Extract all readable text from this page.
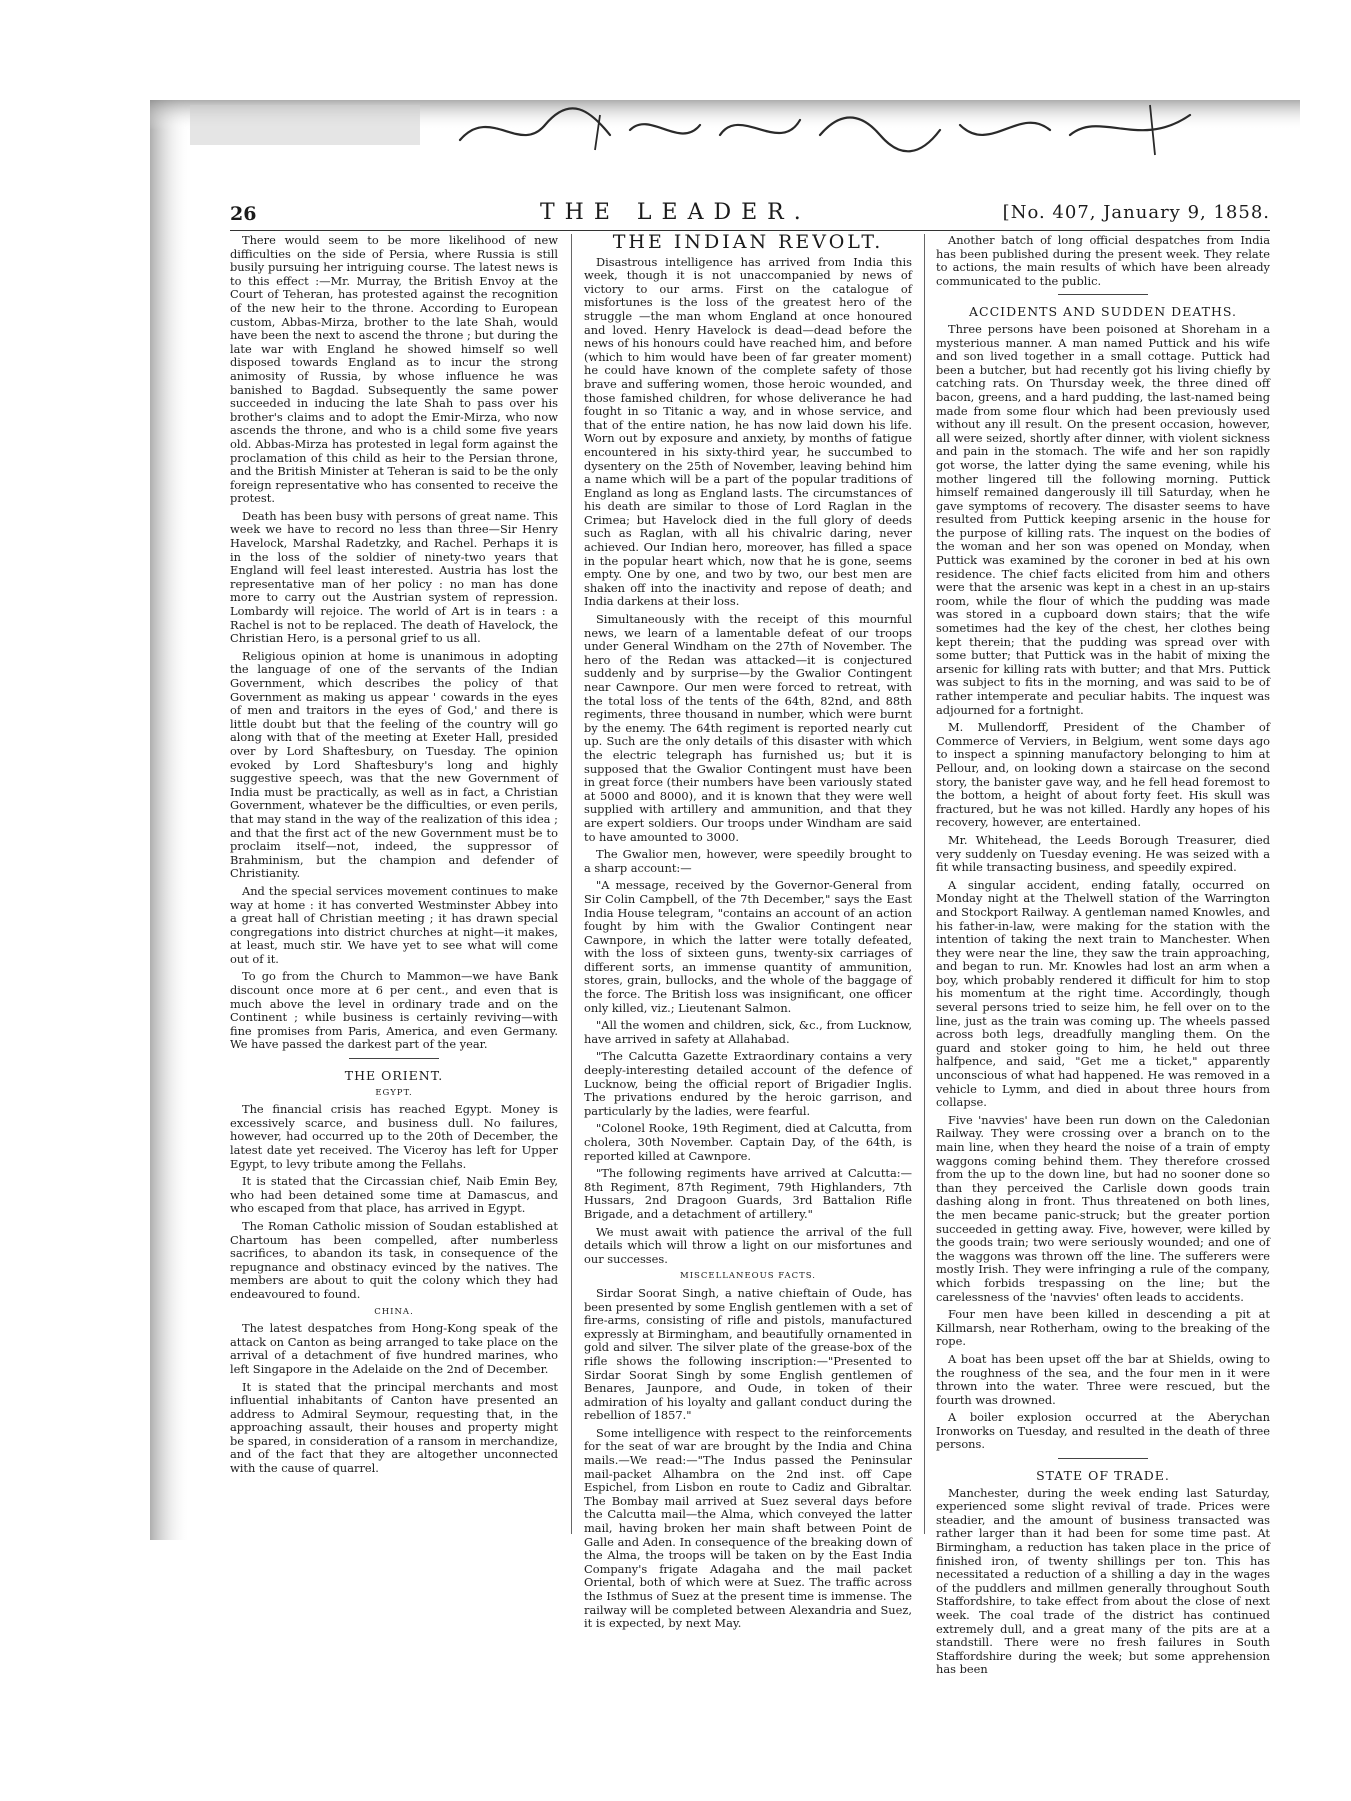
26	THE LEADER.	[No. 407, January 9, 1858.

There would seem to be more likelihood of new difficulties on the side of Persia, where Russia is still busily pursuing her intriguing course. The latest news is to this effect :—Mr. Murray, the British Envoy at the Court of Teheran, has protested against the recognition of the new heir to the throne. According to European custom, Abbas-Mirza, brother to the late Shah, would have been the next to ascend the throne ; but during the late war with England he showed himself so well disposed towards England as to incur the strong animosity of Russia, by whose influence he was banished to Bagdad. Subsequently the same power succeeded in inducing the late Shah to pass over his brother's claims and to adopt the Emir-Mirza, who now ascends the throne, and who is a child some five years old. Abbas-Mirza has protested in legal form against the proclamation of this child as heir to the Persian throne, and the British Minister at Teheran is said to be the only foreign representative who has consented to receive the protest.

Death has been busy with persons of great name. This week we have to record no less than three—Sir Henry Havelock, Marshal Radetzky, and Rachel. Perhaps it is in the loss of the soldier of ninety-two years that England will feel least interested. Austria has lost the representative man of her policy : no man has done more to carry out the Austrian system of repression. Lombardy will rejoice. The world of Art is in tears : a Rachel is not to be replaced. The death of Havelock, the Christian Hero, is a personal grief to us all.

Religious opinion at home is unanimous in adopting the language of one of the servants of the Indian Government, which describes the policy of that Government as making us appear ' cowards in the eyes of men and traitors in the eyes of God,' and there is little doubt but that the feeling of the country will go along with that of the meeting at Exeter Hall, presided over by Lord Shaftesbury, on Tuesday. The opinion evoked by Lord Shaftesbury's long and highly suggestive speech, was that the new Government of India must be practically, as well as in fact, a Christian Government, whatever be the difficulties, or even perils, that may stand in the way of the realization of this idea ; and that the first act of the new Government must be to proclaim itself—not, indeed, the suppressor of Brahminism, but the champion and defender of Christianity.

And the special services movement continues to make way at home : it has converted Westminster Abbey into a great hall of Christian meeting ; it has drawn special congregations into district churches at night—it makes, at least, much stir. We have yet to see what will come out of it.

To go from the Church to Mammon—we have Bank discount once more at 6 per cent., and even that is much above the level in ordinary trade and on the Continent ; while business is certainly reviving—with fine promises from Paris, America, and even Germany. We have passed the darkest part of the year.

THE ORIENT.
EGYPT.

The financial crisis has reached Egypt. Money is excessively scarce, and business dull. No failures, however, had occurred up to the 20th of December, the latest date yet received. The Viceroy has left for Upper Egypt, to levy tribute among the Fellahs.

It is stated that the Circassian chief, Naib Emin Bey, who had been detained some time at Damascus, and who escaped from that place, has arrived in Egypt.

The Roman Catholic mission of Soudan established at Chartoum has been compelled, after numberless sacrifices, to abandon its task, in consequence of the repugnance and obstinacy evinced by the natives. The members are about to quit the colony which they had endeavoured to found.

CHINA.

The latest despatches from Hong-Kong speak of the attack on Canton as being arranged to take place on the arrival of a detachment of five hundred marines, who left Singapore in the Adelaide on the 2nd of December.

It is stated that the principal merchants and most influential inhabitants of Canton have presented an address to Admiral Seymour, requesting that, in the approaching assault, their houses and property might be spared, in consideration of a ransom in merchandize, and of the fact that they are altogether unconnected with the cause of quarrel.

THE INDIAN REVOLT.

Disastrous intelligence has arrived from India this week, though it is not unaccompanied by news of victory to our arms. First on the catalogue of misfortunes is the loss of the greatest hero of the struggle —the man whom England at once honoured and loved. Henry Havelock is dead—dead before the news of his honours could have reached him, and before (which to him would have been of far greater moment) he could have known of the complete safety of those brave and suffering women, those heroic wounded, and those famished children, for whose deliverance he had fought in so Titanic a way, and in whose service, and that of the entire nation, he has now laid down his life. Worn out by exposure and anxiety, by months of fatigue encountered in his sixty-third year, he succumbed to dysentery on the 25th of November, leaving behind him a name which will be a part of the popular traditions of England as long as England lasts. The circumstances of his death are similar to those of Lord Raglan in the Crimea; but Havelock died in the full glory of deeds such as Raglan, with all his chivalric daring, never achieved. Our Indian hero, moreover, has filled a space in the popular heart which, now that he is gone, seems empty. One by one, and two by two, our best men are shaken off into the inactivity and repose of death; and India darkens at their loss.

Simultaneously with the receipt of this mournful news, we learn of a lamentable defeat of our troops under General Windham on the 27th of November. The hero of the Redan was attacked—it is conjectured suddenly and by surprise—by the Gwalior Contingent near Cawnpore. Our men were forced to retreat, with the total loss of the tents of the 64th, 82nd, and 88th regiments, three thousand in number, which were burnt by the enemy. The 64th regiment is reported nearly cut up. Such are the only details of this disaster with which the electric telegraph has furnished us; but it is supposed that the Gwalior Contingent must have been in great force (their numbers have been variously stated at 5000 and 8000), and it is known that they were well supplied with artillery and ammunition, and that they are expert soldiers. Our troops under Windham are said to have amounted to 3000.

The Gwalior men, however, were speedily brought to a sharp account:—

"A message, received by the Governor-General from Sir Colin Campbell, of the 7th December," says the East India House telegram, "contains an account of an action fought by him with the Gwalior Contingent near Cawnpore, in which the latter were totally defeated, with the loss of sixteen guns, twenty-six carriages of different sorts, an immense quantity of ammunition, stores, grain, bullocks, and the whole of the baggage of the force. The British loss was insignificant, one officer only killed, viz.; Lieutenant Salmon.

"All the women and children, sick, &c., from Lucknow, have arrived in safety at Allahabad.

"The Calcutta Gazette Extraordinary contains a very deeply-interesting detailed account of the defence of Lucknow, being the official report of Brigadier Inglis. The privations endured by the heroic garrison, and particularly by the ladies, were fearful.

"Colonel Rooke, 19th Regiment, died at Calcutta, from cholera, 30th November. Captain Day, of the 64th, is reported killed at Cawnpore.

"The following regiments have arrived at Calcutta:—8th Regiment, 87th Regiment, 79th Highlanders, 7th Hussars, 2nd Dragoon Guards, 3rd Battalion Rifle Brigade, and a detachment of artillery."

We must await with patience the arrival of the full details which will throw a light on our misfortunes and our successes.

MISCELLANEOUS FACTS.

Sirdar Soorat Singh, a native chieftain of Oude, has been presented by some English gentlemen with a set of fire-arms, consisting of rifle and pistols, manufactured expressly at Birmingham, and beautifully ornamented in gold and silver. The silver plate of the grease-box of the rifle shows the following inscription:—"Presented to Sirdar Soorat Singh by some English gentlemen of Benares, Jaunpore, and Oude, in token of their admiration of his loyalty and gallant conduct during the rebellion of 1857."

Some intelligence with respect to the reinforcements for the seat of war are brought by the India and China mails.—We read:—"The Indus passed the Peninsular mail-packet Alhambra on the 2nd inst. off Cape Espichel, from Lisbon en route to Cadiz and Gibraltar. The Bombay mail arrived at Suez several days before the Calcutta mail—the Alma, which conveyed the latter mail, having broken her main shaft between Point de Galle and Aden. In consequence of the breaking down of the Alma, the troops will be taken on by the East India Company's frigate Adagaha and the mail packet Oriental, both of which were at Suez. The traffic across the Isthmus of Suez at the present time is immense. The railway will be completed between Alexandria and Suez, it is expected, by next May.

Another batch of long official despatches from India has been published during the present week. They relate to actions, the main results of which have been already communicated to the public.

ACCIDENTS AND SUDDEN DEATHS.

Three persons have been poisoned at Shoreham in a mysterious manner. A man named Puttick and his wife and son lived together in a small cottage. Puttick had been a butcher, but had recently got his living chiefly by catching rats. On Thursday week, the three dined off bacon, greens, and a hard pudding, the last-named being made from some flour which had been previously used without any ill result. On the present occasion, however, all were seized, shortly after dinner, with violent sickness and pain in the stomach. The wife and her son rapidly got worse, the latter dying the same evening, while his mother lingered till the following morning. Puttick himself remained dangerously ill till Saturday, when he gave symptoms of recovery. The disaster seems to have resulted from Puttick keeping arsenic in the house for the purpose of killing rats. The inquest on the bodies of the woman and her son was opened on Monday, when Puttick was examined by the coroner in bed at his own residence. The chief facts elicited from him and others were that the arsenic was kept in a chest in an up-stairs room, while the flour of which the pudding was made was stored in a cupboard down stairs; that the wife sometimes had the key of the chest, her clothes being kept therein; that the pudding was spread over with some butter; that Puttick was in the habit of mixing the arsenic for killing rats with butter; and that Mrs. Puttick was subject to fits in the morning, and was said to be of rather intemperate and peculiar habits. The inquest was adjourned for a fortnight.

M. Mullendorff, President of the Chamber of Commerce of Verviers, in Belgium, went some days ago to inspect a spinning manufactory belonging to him at Pellour, and, on looking down a staircase on the second story, the banister gave way, and he fell head foremost to the bottom, a height of about forty feet. His skull was fractured, but he was not killed. Hardly any hopes of his recovery, however, are entertained.

Mr. Whitehead, the Leeds Borough Treasurer, died very suddenly on Tuesday evening. He was seized with a fit while transacting business, and speedily expired.

A singular accident, ending fatally, occurred on Monday night at the Thelwell station of the Warrington and Stockport Railway. A gentleman named Knowles, and his father-in-law, were making for the station with the intention of taking the next train to Manchester. When they were near the line, they saw the train approaching, and began to run. Mr. Knowles had lost an arm when a boy, which probably rendered it difficult for him to stop his momentum at the right time. Accordingly, though several persons tried to seize him, he fell over on to the line, just as the train was coming up. The wheels passed across both legs, dreadfully mangling them. On the guard and stoker going to him, he held out three halfpence, and said, "Get me a ticket," apparently unconscious of what had happened. He was removed in a vehicle to Lymm, and died in about three hours from collapse.

Five 'navvies' have been run down on the Caledonian Railway. They were crossing over a branch on to the main line, when they heard the noise of a train of empty waggons coming behind them. They therefore crossed from the up to the down line, but had no sooner done so than they perceived the Carlisle down goods train dashing along in front. Thus threatened on both lines, the men became panic-struck; but the greater portion succeeded in getting away. Five, however, were killed by the goods train; two were seriously wounded; and one of the waggons was thrown off the line. The sufferers were mostly Irish. They were infringing a rule of the company, which forbids trespassing on the line; but the carelessness of the 'navvies' often leads to accidents.

Four men have been killed in descending a pit at Killmarsh, near Rotherham, owing to the breaking of the rope.

A boat has been upset off the bar at Shields, owing to the roughness of the sea, and the four men in it were thrown into the water. Three were rescued, but the fourth was drowned.

A boiler explosion occurred at the Aberychan Ironworks on Tuesday, and resulted in the death of three persons.

STATE OF TRADE.

Manchester, during the week ending last Saturday, experienced some slight revival of trade. Prices were steadier, and the amount of business transacted was rather larger than it had been for some time past. At Birmingham, a reduction has taken place in the price of finished iron, of twenty shillings per ton. This has necessitated a reduction of a shilling a day in the wages of the puddlers and millmen generally throughout South Staffordshire, to take effect from about the close of next week. The coal trade of the district has continued extremely dull, and a great many of the pits are at a standstill. There were no fresh failures in South Staffordshire during the week; but some apprehension has been
